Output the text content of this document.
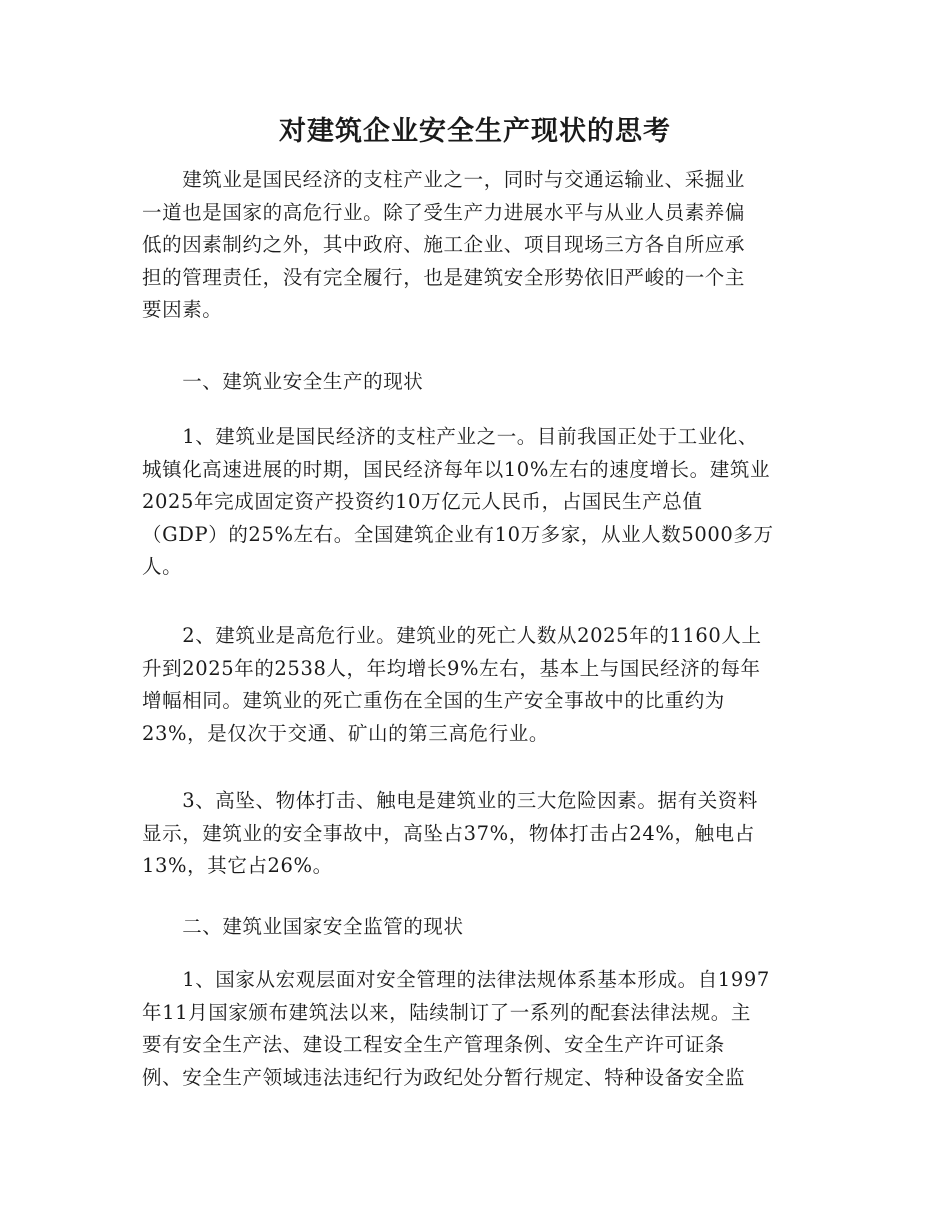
对建筑企业安全生产现状的思考
　　建筑业是国民经济的支柱产业之一，同时与交通运输业、采掘业
一道也是国家的高危行业。除了受生产力进展水平与从业人员素养偏
低的因素制约之外，其中政府、施工企业、项目现场三方各自所应承
担的管理责任，没有完全履行，也是建筑安全形势依旧严峻的一个主
要因素。
　　一、建筑业安全生产的现状
　　1、建筑业是国民经济的支柱产业之一。目前我国正处于工业化、
城镇化高速进展的时期，国民经济每年以10%左右的速度增长。建筑业
2025年完成固定资产投资约10万亿元人民币，占国民生产总值
（GDP）的25%左右。全国建筑企业有10万多家，从业人数5000多万
人。
　　2、建筑业是高危行业。建筑业的死亡人数从2025年的1160人上
升到2025年的2538人，年均增长9%左右，基本上与国民经济的每年
增幅相同。建筑业的死亡重伤在全国的生产安全事故中的比重约为
23%，是仅次于交通、矿山的第三高危行业。
　　3、高坠、物体打击、触电是建筑业的三大危险因素。据有关资料
显示，建筑业的安全事故中，高坠占37%，物体打击占24%，触电占
13%，其它占26%。
　　二、建筑业国家安全监管的现状
　　1、国家从宏观层面对安全管理的法律法规体系基本形成。自1997
年11月国家颁布建筑法以来，陆续制订了一系列的配套法律法规。主
要有安全生产法、建设工程安全生产管理条例、安全生产许可证条
例、安全生产领域违法违纪行为政纪处分暂行规定、特种设备安全监
